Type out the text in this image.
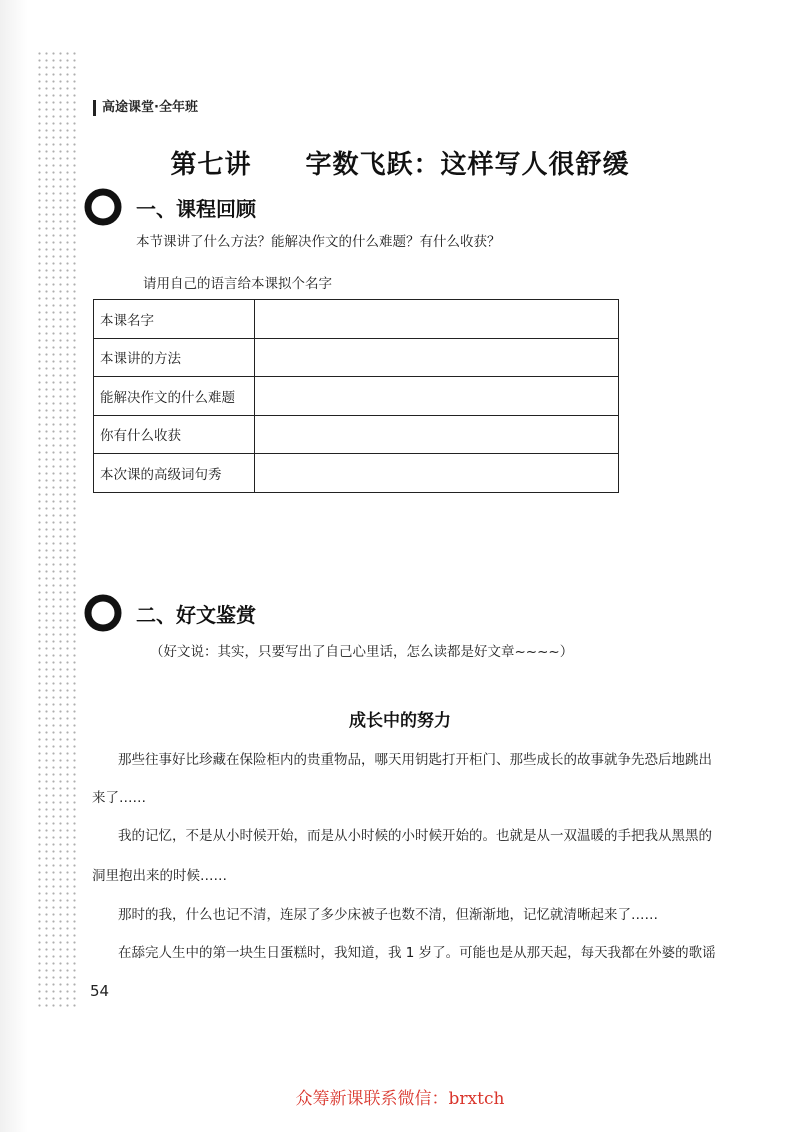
高途课堂·全年班
第七讲　　字数飞跃：这样写人很舒缓
一、课程回顾
本节课讲了什么方法？能解决作文的什么难题？有什么收获？
请用自己的语言给本课拟个名字
本课名字	
本课讲的方法	
能解决作文的什么难题	
你有什么收获	
本次课的高级词句秀	
二、好文鉴赏
（好文说：其实，只要写出了自己心里话，怎么读都是好文章~~~~）
成长中的努力
那些往事好比珍藏在保险柜内的贵重物品，哪天用钥匙打开柜门、那些成长的故事就争先恐后地跳出
来了……
我的记忆，不是从小时候开始，而是从小时候的小时候开始的。也就是从一双温暖的手把我从黑黑的
洞里抱出来的时候……
那时的我，什么也记不清，连尿了多少床被子也数不清，但渐渐地，记忆就清晰起来了……
在舔完人生中的第一块生日蛋糕时，我知道，我 1 岁了。可能也是从那天起，每天我都在外婆的歌谣
54
众筹新课联系微信：brxtch
